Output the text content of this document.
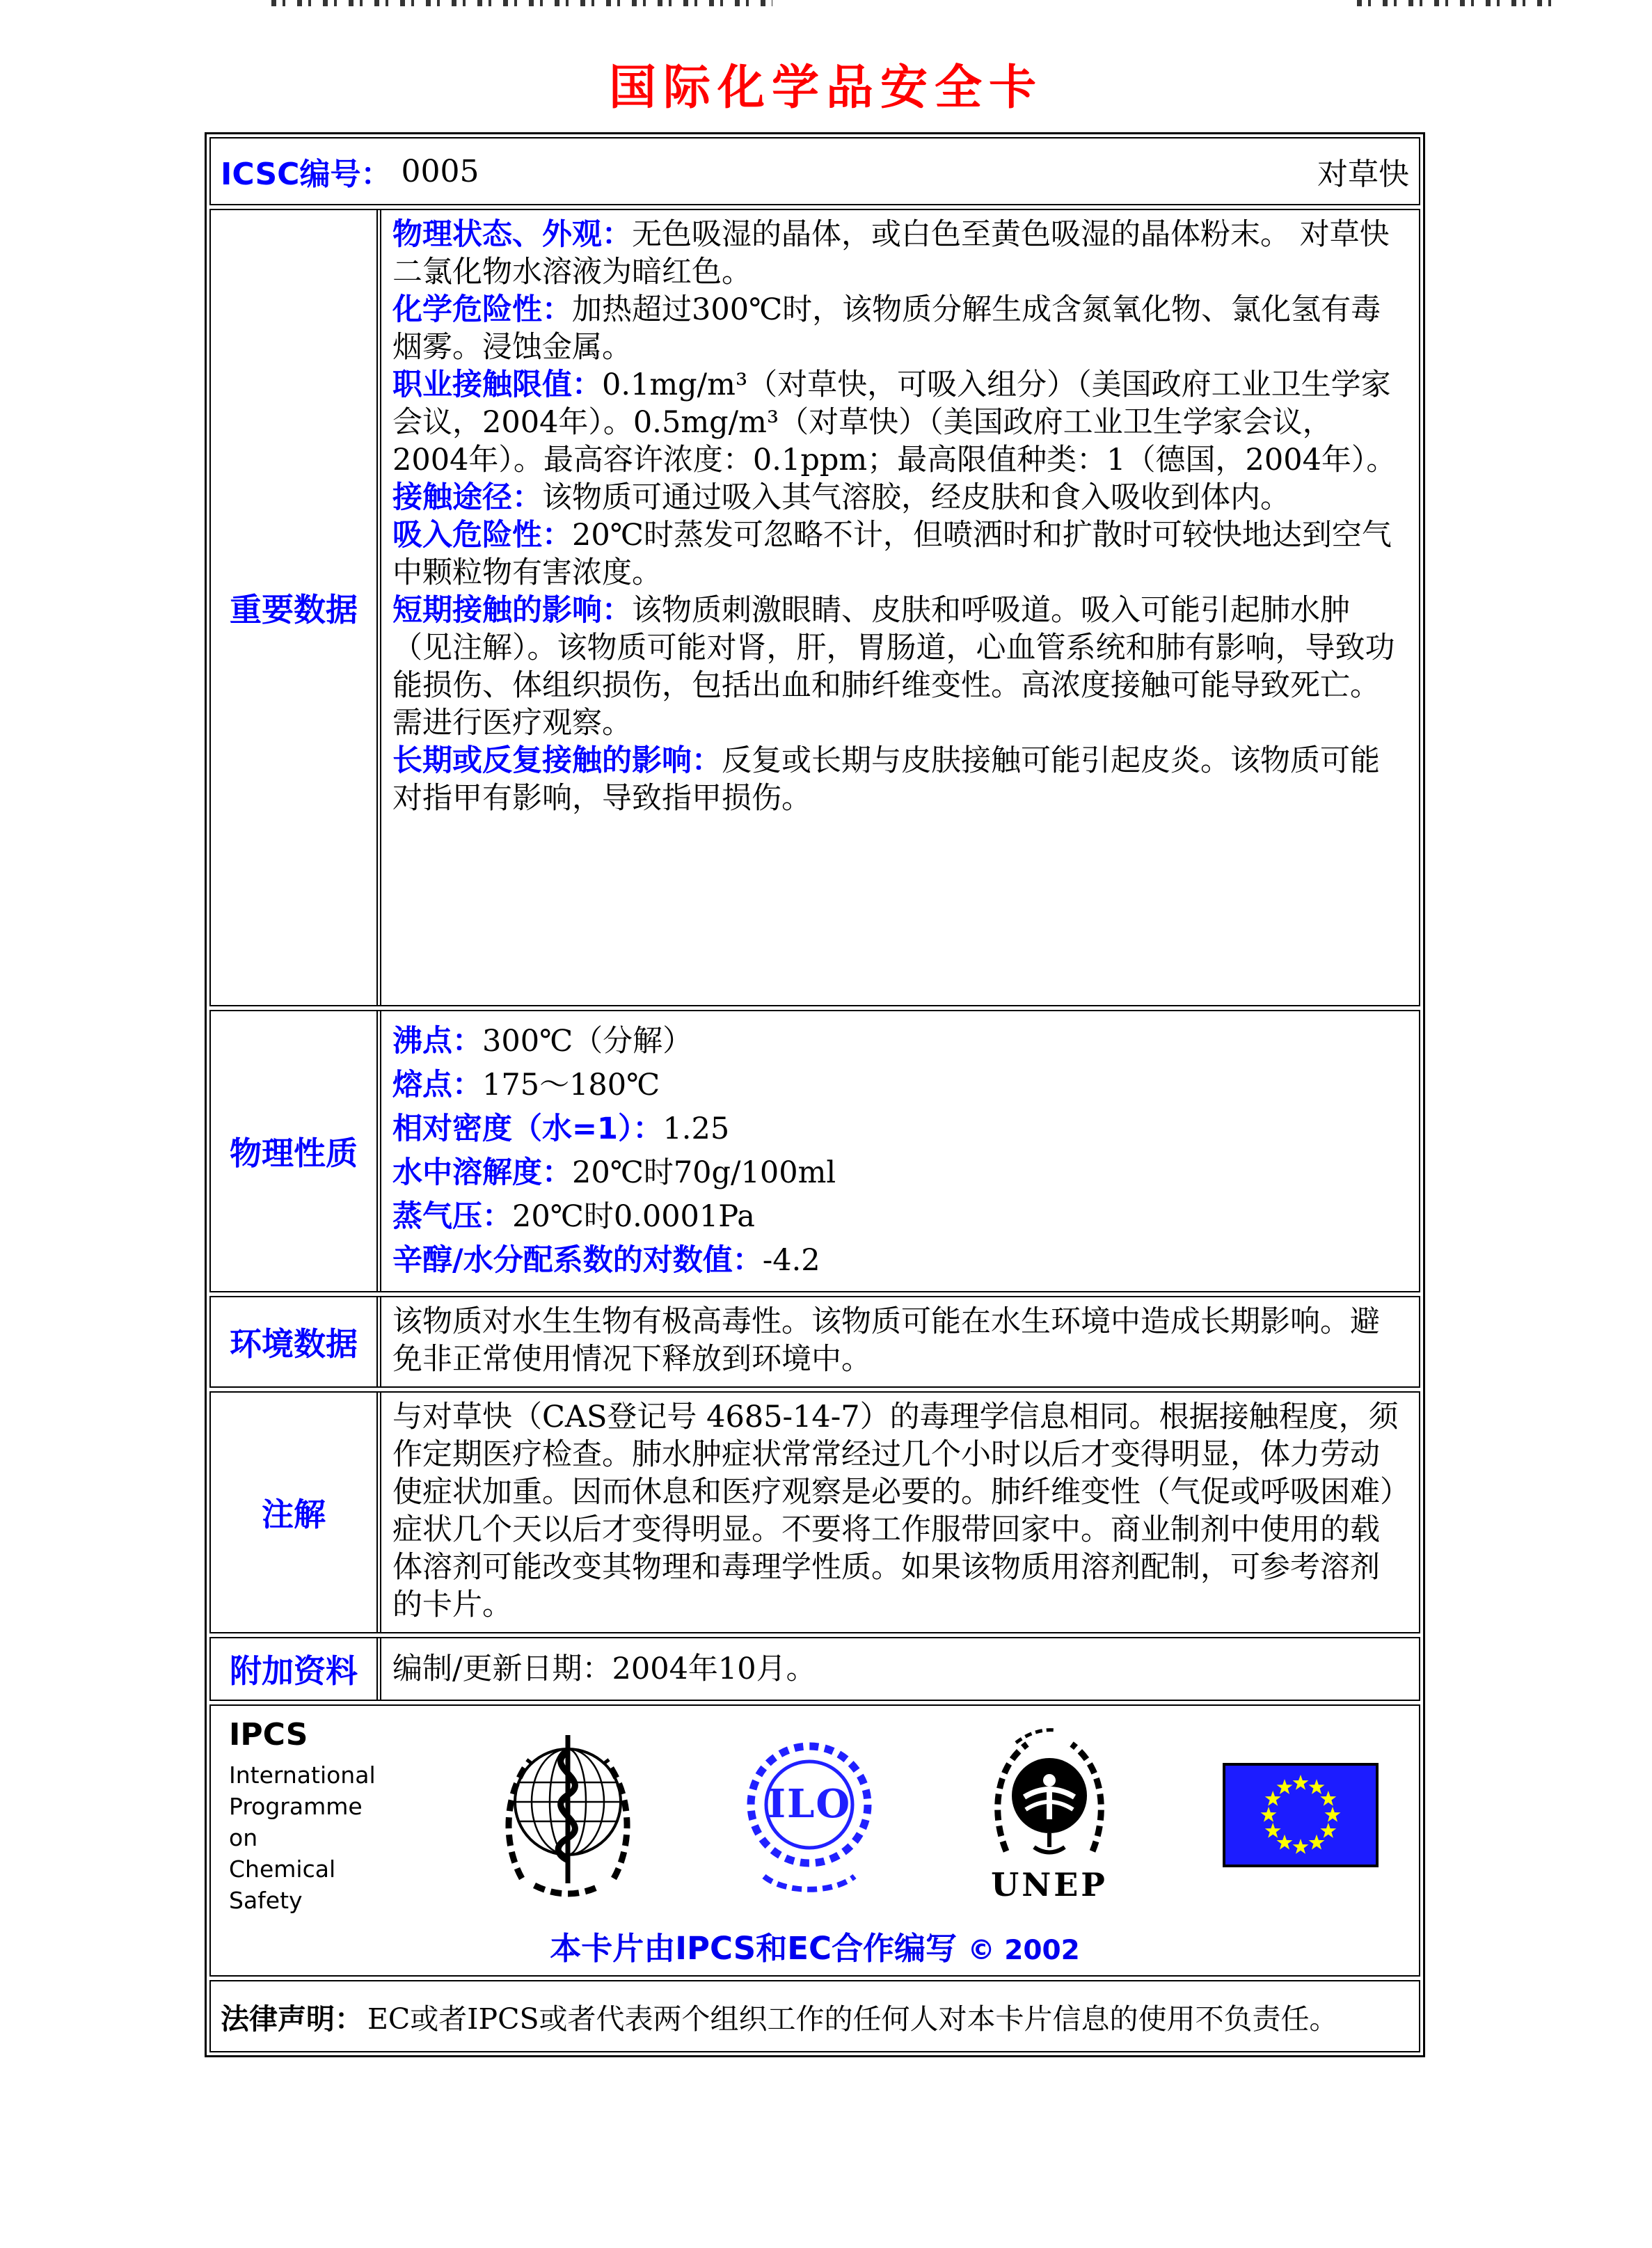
国际化学品安全卡
ICSC编号： 0005	对草快
重要数据

物理状态、外观：无色吸湿的晶体，或白色至黄色吸湿的晶体粉末。 对草快二氯化物水溶液为暗红色。

化学危险性：加热超过300℃时，该物质分解生成含氮氧化物、氯化氢有毒烟雾。浸蚀金属。

职业接触限值：0.1mg/m³（对草快，可吸入组分）（美国政府工业卫生学家会议，2004年）。0.5mg/m³（对草快）（美国政府工业卫生学家会议，2004年）。最高容许浓度：0.1ppm；最高限值种类：1（德国，2004年）。

接触途径：该物质可通过吸入其气溶胶，经皮肤和食入吸收到体内。

吸入危险性：20℃时蒸发可忽略不计，但喷洒时和扩散时可较快地达到空气中颗粒物有害浓度。

短期接触的影响：该物质刺激眼睛、皮肤和呼吸道。吸入可能引起肺水肿（见注解）。该物质可能对肾，肝，胃肠道，心血管系统和肺有影响，导致功能损伤、体组织损伤，包括出血和肺纤维变性。高浓度接触可能导致死亡。需进行医疗观察。

长期或反复接触的影响：反复或长期与皮肤接触可能引起皮炎。该物质可能对指甲有影响，导致指甲损伤。

物理性质

沸点：300℃（分解）

熔点：175～180℃

相对密度（水=1）：1.25

水中溶解度：20℃时70g/100ml

蒸气压：20℃时0.0001Pa

辛醇/水分配系数的对数值：-4.2

环境数据
该物质对水生生物有极高毒性。该物质可能在水生环境中造成长期影响。避免非正常使用情况下释放到环境中。
注解
与对草快（CAS登记号 4685-14-7）的毒理学信息相同。根据接触程度，须作定期医疗检查。肺水肿症状常常经过几个小时以后才变得明显，体力劳动使症状加重。因而休息和医疗观察是必要的。肺纤维变性（气促或呼吸困难）症状几个天以后才变得明显。不要将工作服带回家中。商业制剂中使用的载体溶剂可能改变其物理和毒理学性质。如果该物质用溶剂配制，可参考溶剂的卡片。
附加资料	编制/更新日期： 2004年10月。
IPCS
International
Programme on
Chemical Safety
ILO
UNEP
本卡片由IPCS和EC合作编写 © 2002
法律声明： EC或者IPCS或者代表两个组织工作的任何人对本卡片信息的使用不负责任。
